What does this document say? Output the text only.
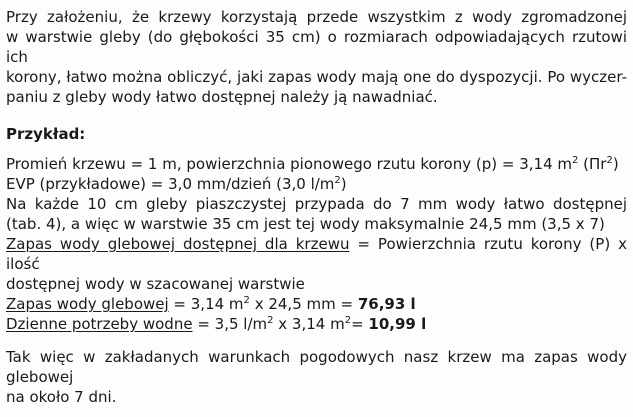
Przy założeniu, że krzewy korzystają przede wszystkim z wody zgromadzonej

w warstwie gleby (do głębokości 35 cm) o rozmiarach odpowiadających rzutowi ich

korony, łatwo można obliczyć, jaki zapas wody mają one do dyspozycji. Po wyczer-

paniu z gleby wody łatwo dostępnej należy ją nawadniać.

Przykład:

Promień krzewu = 1 m, powierzchnia pionowego rzutu korony (p) = 3,14 $m^2$ $(\Pi r^2)$

EVP (przykładowe) = 3,0 mm/dzień (3,0 $l/m^2$)

Na każde 10 cm gleby piaszczystej przypada do 7 mm wody łatwo dostępnej

(tab. 4), a więc w warstwie 35 cm jest tej wody maksymalnie 24,5 mm (3,5 x 7)

Zapas wody glebowej dostępnej dla krzewu = Powierzchnia rzutu korony (P) x ilość

dostępnej wody w szacowanej warstwie

Zapas wody glebowej = 3,14 $m^2$ x 24,5 mm = 76,93 l

Dzienne potrzeby wodne = 3,5 $l/m^2$ x 3,14 $m^2= 10,99$ l

Tak więc w zakładanych warunkach pogodowych nasz krzew ma zapas wody glebowej

na około 7 dni.
